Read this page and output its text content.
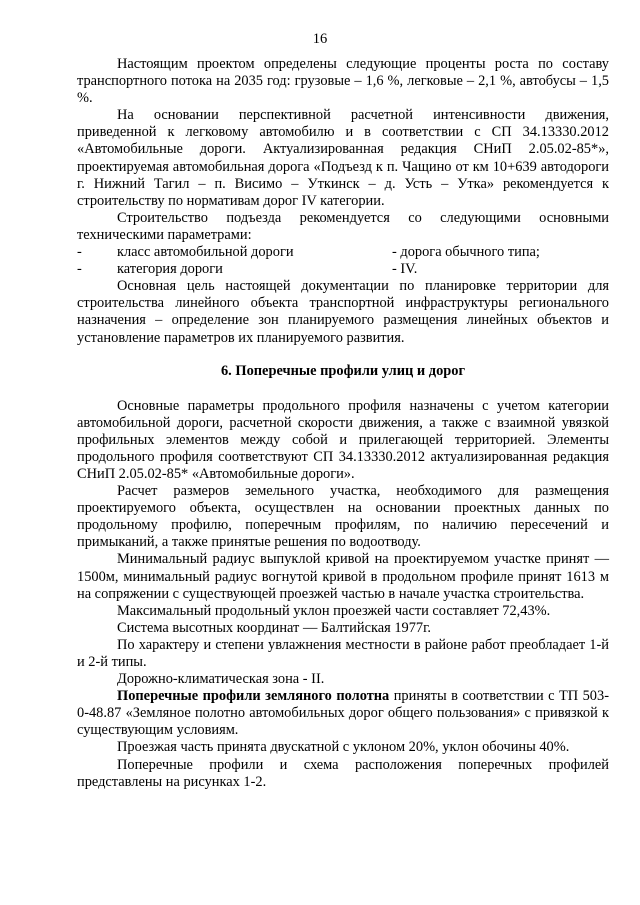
16

Настоящим проектом определены следующие проценты роста по составу транспортного потока на 2035 год: грузовые – 1,6 %, легковые – 2,1 %, автобусы – 1,5 %.

На основании перспективной расчетной интенсивности движения, приведенной к легковому автомобилю и в соответствии с СП 34.13330.2012 «Автомобильные дороги. Актуализированная редакция СНиП 2.05.02-85*», проектируемая автомобильная дорога «Подъезд к п. Чащино от км 10+639 автодороги г. Нижний Тагил – п. Висимо – Уткинск – д. Усть – Утка» рекомендуется к строительству по нормативам дорог IV категории.

Строительство подъезда рекомендуется со следующими основными техническими параметрами:

-	класс автомобильной дороги	- дорога обычного типа;
-	категория дороги	- IV.

Основная цель настоящей документации по планировке территории для строительства линейного объекта транспортной инфраструктуры регионального назначения – определение зон планируемого размещения линейных объектов и установление параметров их планируемого развития.

6. Поперечные профили улиц и дорог

Основные параметры продольного профиля назначены с учетом категории автомобильной дороги, расчетной скорости движения, а также с взаимной увязкой профильных элементов между собой и прилегающей территорией. Элементы продольного профиля соответствуют СП 34.13330.2012 актуализированная редакция СНиП 2.05.02-85* «Автомобильные дороги».

Расчет размеров земельного участка, необходимого для размещения проектируемого объекта, осуществлен на основании проектных данных по продольному профилю, поперечным профилям, по наличию пересечений и примыканий, а также принятые решения по водоотводу.

Минимальный радиус выпуклой кривой на проектируемом участке принят — 1500м, минимальный радиус вогнутой кривой в продольном профиле принят 1613 м на сопряжении с существующей проезжей частью в начале участка строительства.

Максимальный продольный уклон проезжей части составляет 72,43%.

Система высотных координат — Балтийская 1977г.

По характеру и степени увлажнения местности в районе работ преобладает 1-й и 2-й типы.

Дорожно-климатическая зона - II.

Поперечные профили земляного полотна приняты в соответствии с ТП 503-0-48.87 «Земляное полотно автомобильных дорог общего пользования» с привязкой к существующим условиям.

Проезжая часть принята двускатной с уклоном 20%, уклон обочины 40%.

Поперечные профили и схема расположения поперечных профилей представлены на рисунках 1-2.
